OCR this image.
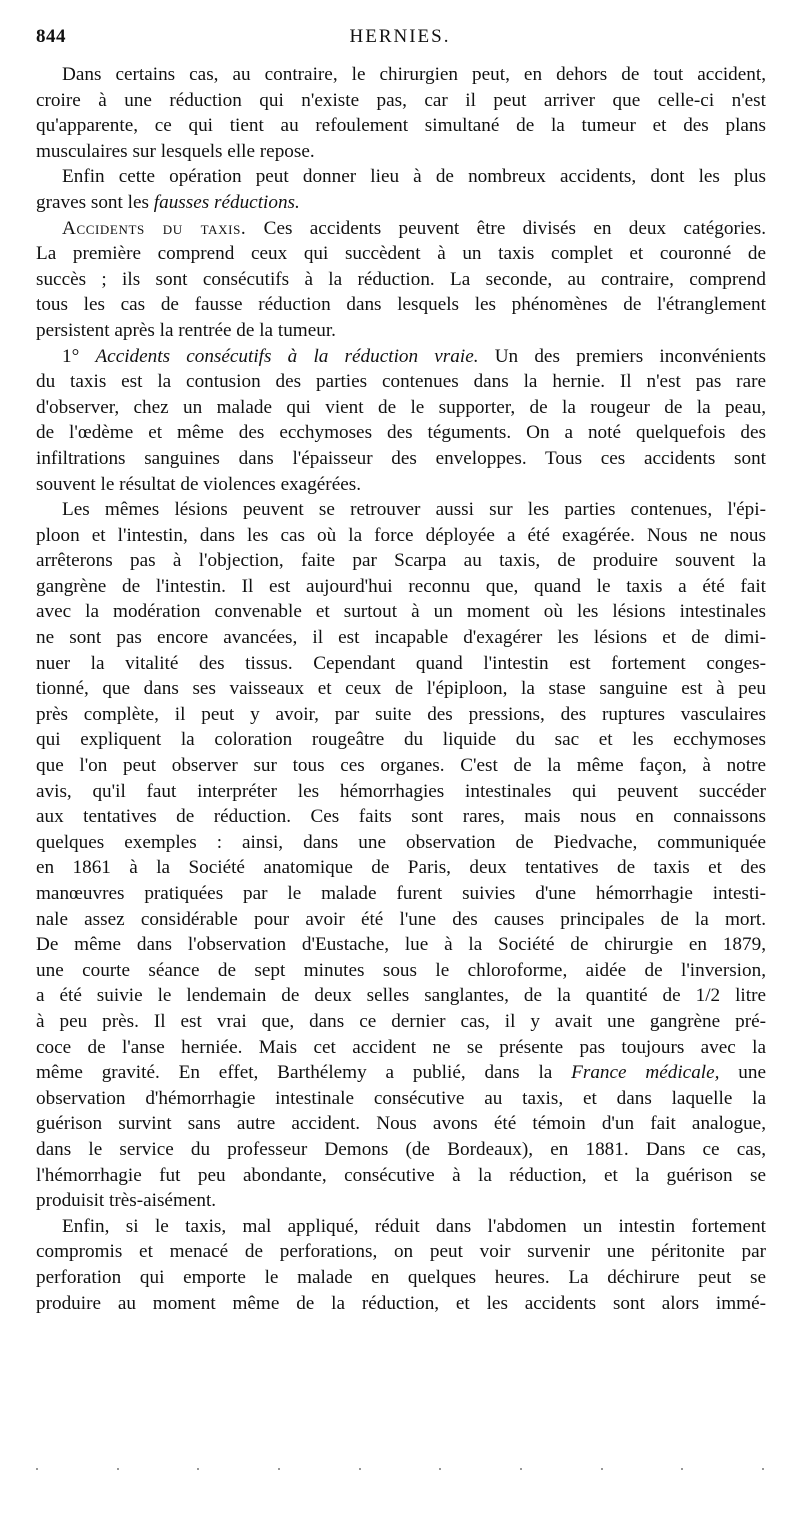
844	HERNIES.
Dans certains cas, au contraire, le chirurgien peut, en dehors de tout accident,
croire à une réduction qui n'existe pas, car il peut arriver que celle-ci n'est
qu'apparente, ce qui tient au refoulement simultané de la tumeur et des plans
musculaires sur lesquels elle repose.
Enfin cette opération peut donner lieu à de nombreux accidents, dont les plus
graves sont les fausses réductions.
Accidents du taxis. Ces accidents peuvent être divisés en deux catégories.
La première comprend ceux qui succèdent à un taxis complet et couronné de
succès ; ils sont consécutifs à la réduction. La seconde, au contraire, comprend
tous les cas de fausse réduction dans lesquels les phénomènes de l'étranglement
persistent après la rentrée de la tumeur.
1° Accidents consécutifs à la réduction vraie. Un des premiers inconvénients
du taxis est la contusion des parties contenues dans la hernie. Il n'est pas rare
d'observer, chez un malade qui vient de le supporter, de la rougeur de la peau,
de l'œdème et même des ecchymoses des téguments. On a noté quelquefois des
infiltrations sanguines dans l'épaisseur des enveloppes. Tous ces accidents sont
souvent le résultat de violences exagérées.
Les mêmes lésions peuvent se retrouver aussi sur les parties contenues, l'épi-
ploon et l'intestin, dans les cas où la force déployée a été exagérée. Nous ne nous
arrêterons pas à l'objection, faite par Scarpa au taxis, de produire souvent la
gangrène de l'intestin. Il est aujourd'hui reconnu que, quand le taxis a été fait
avec la modération convenable et surtout à un moment où les lésions intestinales
ne sont pas encore avancées, il est incapable d'exagérer les lésions et de dimi-
nuer la vitalité des tissus. Cependant quand l'intestin est fortement conges-
tionné, que dans ses vaisseaux et ceux de l'épiploon, la stase sanguine est à peu
près complète, il peut y avoir, par suite des pressions, des ruptures vasculaires
qui expliquent la coloration rougeâtre du liquide du sac et les ecchymoses
que l'on peut observer sur tous ces organes. C'est de la même façon, à notre
avis, qu'il faut interpréter les hémorrhagies intestinales qui peuvent succéder
aux tentatives de réduction. Ces faits sont rares, mais nous en connaissons
quelques exemples : ainsi, dans une observation de Piedvache, communiquée
en 1861 à la Société anatomique de Paris, deux tentatives de taxis et des
manœuvres pratiquées par le malade furent suivies d'une hémorrhagie intesti-
nale assez considérable pour avoir été l'une des causes principales de la mort.
De même dans l'observation d'Eustache, lue à la Société de chirurgie en 1879,
une courte séance de sept minutes sous le chloroforme, aidée de l'inversion,
a été suivie le lendemain de deux selles sanglantes, de la quantité de 1/2 litre
à peu près. Il est vrai que, dans ce dernier cas, il y avait une gangrène pré-
coce de l'anse herniée. Mais cet accident ne se présente pas toujours avec la
même gravité. En effet, Barthélemy a publié, dans la France médicale, une
observation d'hémorrhagie intestinale consécutive au taxis, et dans laquelle la
guérison survint sans autre accident. Nous avons été témoin d'un fait analogue,
dans le service du professeur Demons (de Bordeaux), en 1881. Dans ce cas,
l'hémorrhagie fut peu abondante, consécutive à la réduction, et la guérison se
produisit très-aisément.
Enfin, si le taxis, mal appliqué, réduit dans l'abdomen un intestin fortement
compromis et menacé de perforations, on peut voir survenir une péritonite par
perforation qui emporte le malade en quelques heures. La déchirure peut se
produire au moment même de la réduction, et les accidents sont alors immé-
